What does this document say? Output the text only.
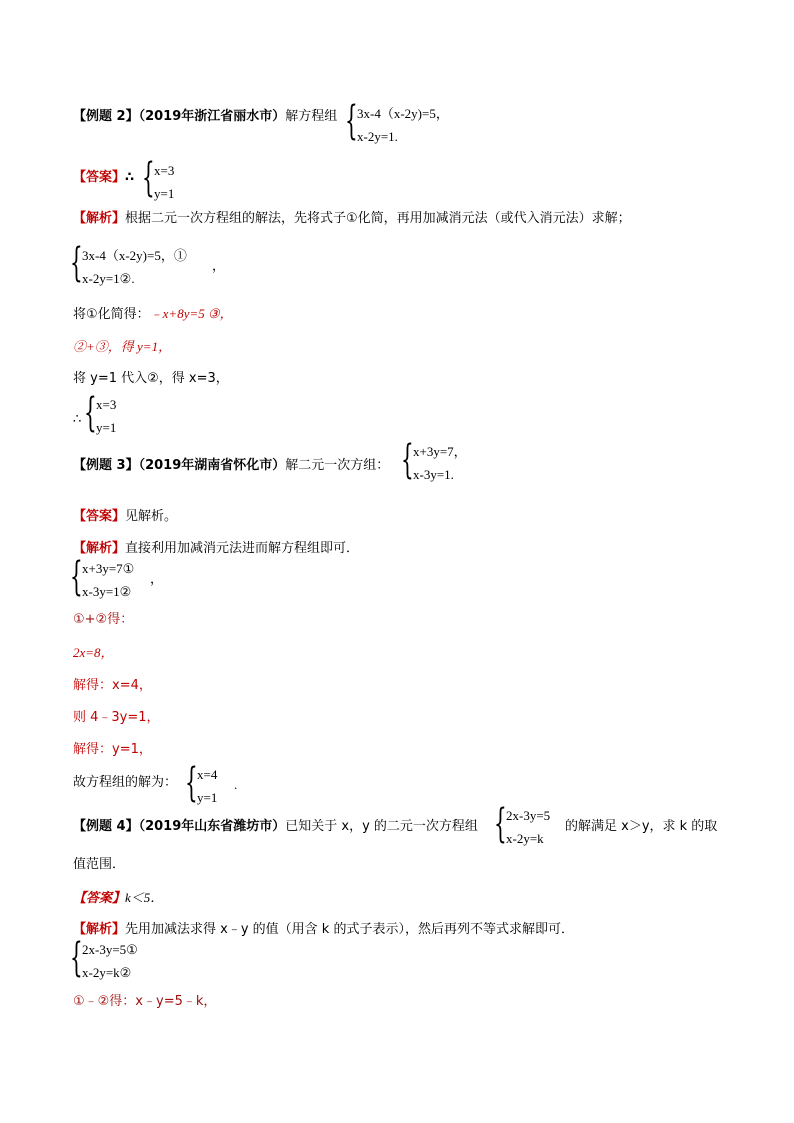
【例题 2】（2019年浙江省丽水市）解方程组 { 3x-4（x-2y)=5，
x-2y=1.
【答案】∴ { x=3
y=1
【解析】根据二元一次方程组的解法，先将式子①化简，再用加减消元法（或代入消元法）求解；
{ 3x-4（x-2y)=5，①
x-2y=1②.
，
将①化简得：﹣x+8y=5 ③，
②+③，得 y=1，
将 y=1 代入②，得 x=3，
∴ { x=3
y=1
【例题 3】（2019年湖南省怀化市）解二元一次方组： { x+3y=7，
x-3y=1.
【答案】见解析。
【解析】直接利用加减消元法进而解方程组即可．
{ x+3y=7①
x-3y=1②
，
①+②得：
2x=8，
解得：x=4，
则 4﹣3y=1，
解得：y=1，
故方程组的解为： { x=4
y=1
.
【例题 4】（2019年山东省潍坊市）已知关于 x，y 的二元一次方程组 { 2x-3y=5
x-2y=k
的解满足 x＞y，求 k 的取
值范围．
【答案】k＜5．
【解析】先用加减法求得 x﹣y 的值（用含 k 的式子表示），然后再列不等式求解即可．
{ 2x-3y=5①
x-2y=k②
①﹣②得：x﹣y=5﹣k，
